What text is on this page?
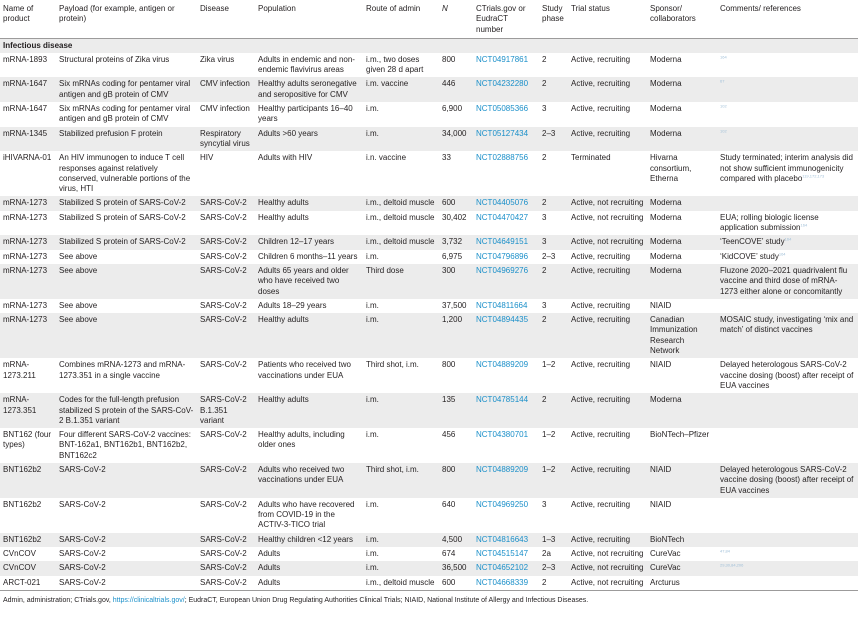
Name of product	Payload (for example, antigen or protein)	Disease	Population	Route of admin	N	CTrials.gov or EudraCT number	Study phase	Trial status	Sponsor/ collaborators	Comments/ references
Infectious disease										
mRNA-1893	Structural proteins of Zika virus	Zika virus	Adults in endemic and non-endemic flavivirus areas	i.m., two doses given 28 d apart	800	NCT04917861	2	Active, recruiting	Moderna	$^{164}$
mRNA-1647	Six mRNAs coding for pentamer viral antigen and gB protein of CMV	CMV infection	Healthy adults seronegative and seropositive for CMV	i.m. vaccine	446	NCT04232280	2	Active, recruiting	Moderna	$^{67}$
mRNA-1647	Six mRNAs coding for pentamer viral antigen and gB protein of CMV	CMV infection	Healthy participants 16–40 years	i.m.	6,900	NCT05085366	3	Active, recruiting	Moderna	$^{102}$
mRNA-1345	Stabilized prefusion F protein	Respiratory syncytial virus	Adults >60 years	i.m.	34,000	NCT05127434	2–3	Active, recruiting	Moderna	$^{102}$
iHIVARNA-01	An HIV immunogen to induce T cell responses against relatively conserved, vulnerable portions of the virus, HTI	HIV	Adults with HIV	i.n. vaccine	33	NCT02888756	2	Terminated	Hivarna consortium, Etherna	Study terminated; interim analysis did not show sufficient immunogenicity compared with placebo$^{119,172,173}$
mRNA-1273	Stabilized S protein of SARS-CoV-2	SARS-CoV-2	Healthy adults	i.m., deltoid muscle	600	NCT04405076	2	Active, not recruiting	Moderna	
mRNA-1273	Stabilized S protein of SARS-CoV-2	SARS-CoV-2	Healthy adults	i.m., deltoid muscle	30,402	NCT04470427	3	Active, not recruiting	Moderna	EUA; rolling biologic license application submission$^{164}$
mRNA-1273	Stabilized S protein of SARS-CoV-2	SARS-CoV-2	Children 12–17 years	i.m., deltoid muscle	3,732	NCT04649151	3	Active, not recruiting	Moderna	‘TeenCOVE’ study$^{164}$
mRNA-1273	See above	SARS-CoV-2	Children 6 months–11 years	i.m.	6,975	NCT04796896	2–3	Active, recruiting	Moderna	‘KidCOVE’ study$^{164}$
mRNA-1273	See above	SARS-CoV-2	Adults 65 years and older who have received two doses	Third dose	300	NCT04969276	2	Active, recruiting	Moderna	Fluzone 2020–2021 quadrivalent flu vaccine and third dose of mRNA-1273 either alone or concomitantly
mRNA-1273	See above	SARS-CoV-2	Adults 18–29 years	i.m.	37,500	NCT04811664	3	Active, recruiting	NIAID	
mRNA-1273	See above	SARS-CoV-2	Healthy adults	i.m.	1,200	NCT04894435	2	Active, recruiting	Canadian Immunization Research Network	MOSAIC study, investigating ‘mix and match’ of distinct vaccines
mRNA-1273.211	Combines mRNA-1273 and mRNA-1273.351 in a single vaccine	SARS-CoV-2	Patients who received two vaccinations under EUA	Third shot, i.m.	800	NCT04889209	1–2	Active, recruiting	NIAID	Delayed heterologous SARS-CoV-2 vaccine dosing (boost) after receipt of EUA vaccines
mRNA-1273.351	Codes for the full-length prefusion stabilized S protein of the SARS-CoV-2 B.1.351 variant	SARS-CoV-2 B.1.351 variant	Healthy adults	i.m.	135	NCT04785144	2	Active, recruiting	Moderna	
BNT162 (four types)	Four different SARS-CoV-2 vaccines: BNT-162a1, BNT162b1, BNT162b2, BNT162c2	SARS-CoV-2	Healthy adults, including older ones	i.m.	456	NCT04380701	1–2	Active, recruiting	BioNTech–Pfizer	
BNT162b2	SARS-CoV-2	SARS-CoV-2	Adults who received two vaccinations under EUA	Third shot, i.m.	800	NCT04889209	1–2	Active, recruiting	NIAID	Delayed heterologous SARS-CoV-2 vaccine dosing (boost) after receipt of EUA vaccines
BNT162b2	SARS-CoV-2	SARS-CoV-2	Adults who have recovered from COVID-19 in the ACTIV-3-TICO trial	i.m.	640	NCT04969250	3	Active, recruiting	NIAID	
BNT162b2	SARS-CoV-2	SARS-CoV-2	Healthy children <12 years	i.m.	4,500	NCT04816643	1–3	Active, recruiting	BioNTech	
CVnCOV	SARS-CoV-2	SARS-CoV-2	Adults	i.m.	674	NCT04515147	2a	Active, not recruiting	CureVac	$^{47,84}$
CVnCOV	SARS-CoV-2	SARS-CoV-2	Adults	i.m.	36,500	NCT04652102	2–3	Active, not recruiting	CureVac	$^{29,30,84,206}$
ARCT-021	SARS-CoV-2	SARS-CoV-2	Adults	i.m., deltoid muscle	600	NCT04668339	2	Active, not recruiting	Arcturus	
Admin, administration; CTrials.gov, https://clinicaltrials.gov/; EudraCT, European Union Drug Regulating Authorities Clinical Trials; NIAID, National Institute of Allergy and Infectious Diseases.										
